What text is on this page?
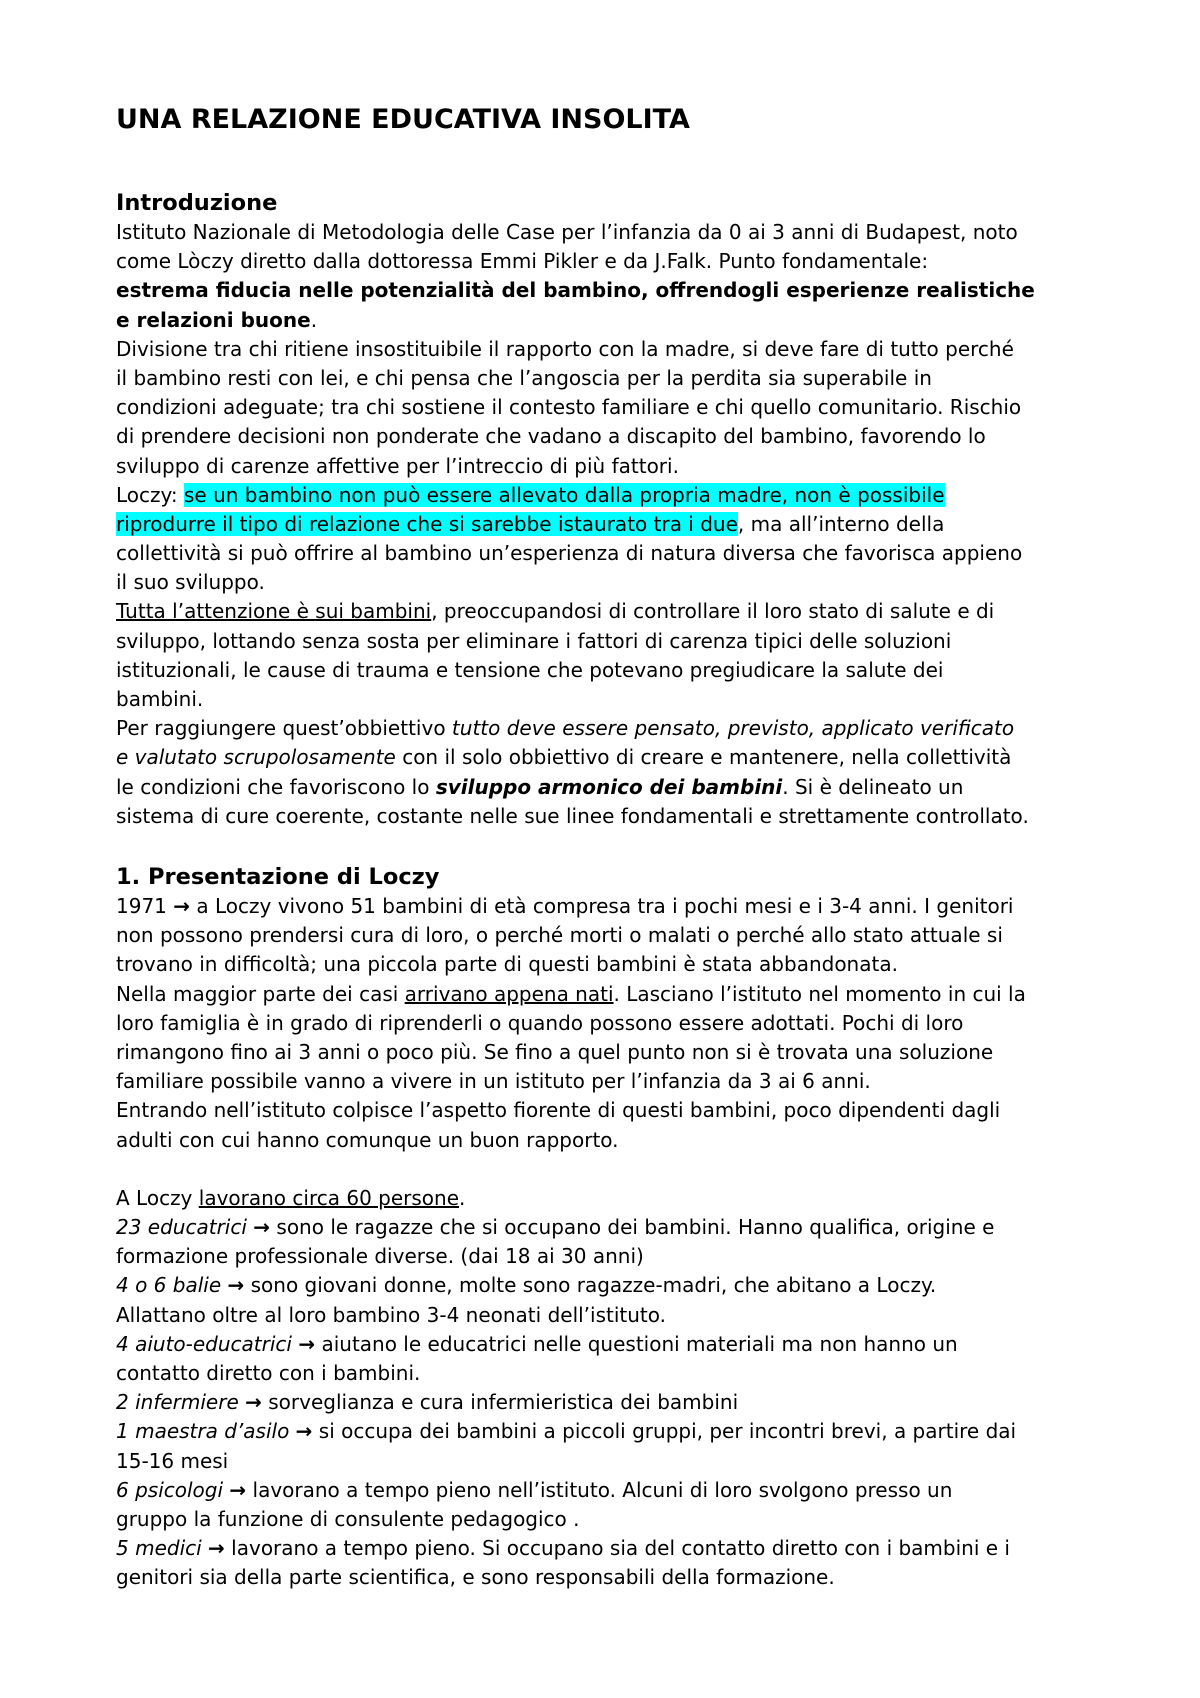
UNA RELAZIONE EDUCATIVA INSOLITA
Introduzione
Istituto Nazionale di Metodologia delle Case per l’infanzia da 0 ai 3 anni di Budapest, noto
come Lòczy diretto dalla dottoressa Emmi Pikler e da J.Falk. Punto fondamentale:
estrema fiducia nelle potenzialità del bambino, offrendogli esperienze realistiche
e relazioni buone.
Divisione tra chi ritiene insostituibile il rapporto con la madre, si deve fare di tutto perché
il bambino resti con lei, e chi pensa che l’angoscia per la perdita sia superabile in
condizioni adeguate; tra chi sostiene il contesto familiare e chi quello comunitario. Rischio
di prendere decisioni non ponderate che vadano a discapito del bambino, favorendo lo
sviluppo di carenze affettive per l’intreccio di più fattori.
Loczy: se un bambino non può essere allevato dalla propria madre, non è possibile
riprodurre il tipo di relazione che si sarebbe istaurato tra i due, ma all’interno della
collettività si può offrire al bambino un’esperienza di natura diversa che favorisca appieno
il suo sviluppo.
Tutta l’attenzione è sui bambini, preoccupandosi di controllare il loro stato di salute e di
sviluppo, lottando senza sosta per eliminare i fattori di carenza tipici delle soluzioni
istituzionali, le cause di trauma e tensione che potevano pregiudicare la salute dei
bambini.
Per raggiungere quest’obbiettivo tutto deve essere pensato, previsto, applicato verificato
e valutato scrupolosamente con il solo obbiettivo di creare e mantenere, nella collettività
le condizioni che favoriscono lo sviluppo armonico dei bambini. Si è delineato un
sistema di cure coerente, costante nelle sue linee fondamentali e strettamente controllato.
1. Presentazione di Loczy
1971 → a Loczy vivono 51 bambini di età compresa tra i pochi mesi e i 3-4 anni. I genitori
non possono prendersi cura di loro, o perché morti o malati o perché allo stato attuale si
trovano in difficoltà; una piccola parte di questi bambini è stata abbandonata.
Nella maggior parte dei casi arrivano appena nati. Lasciano l’istituto nel momento in cui la
loro famiglia è in grado di riprenderli o quando possono essere adottati. Pochi di loro
rimangono fino ai 3 anni o poco più. Se fino a quel punto non si è trovata una soluzione
familiare possibile vanno a vivere in un istituto per l’infanzia da 3 ai 6 anni.
Entrando nell’istituto colpisce l’aspetto fiorente di questi bambini, poco dipendenti dagli
adulti con cui hanno comunque un buon rapporto.
A Loczy lavorano circa 60 persone.
23 educatrici → sono le ragazze che si occupano dei bambini. Hanno qualifica, origine e
formazione professionale diverse. (dai 18 ai 30 anni)
4 o 6 balie → sono giovani donne, molte sono ragazze-madri, che abitano a Loczy.
Allattano oltre al loro bambino 3-4 neonati dell’istituto.
4 aiuto-educatrici → aiutano le educatrici nelle questioni materiali ma non hanno un
contatto diretto con i bambini.
2 infermiere → sorveglianza e cura infermieristica dei bambini
1 maestra d’asilo → si occupa dei bambini a piccoli gruppi, per incontri brevi, a partire dai
15-16 mesi
6 psicologi → lavorano a tempo pieno nell’istituto. Alcuni di loro svolgono presso un
gruppo la funzione di consulente pedagogico .
5 medici → lavorano a tempo pieno. Si occupano sia del contatto diretto con i bambini e i
genitori sia della parte scientifica, e sono responsabili della formazione.
